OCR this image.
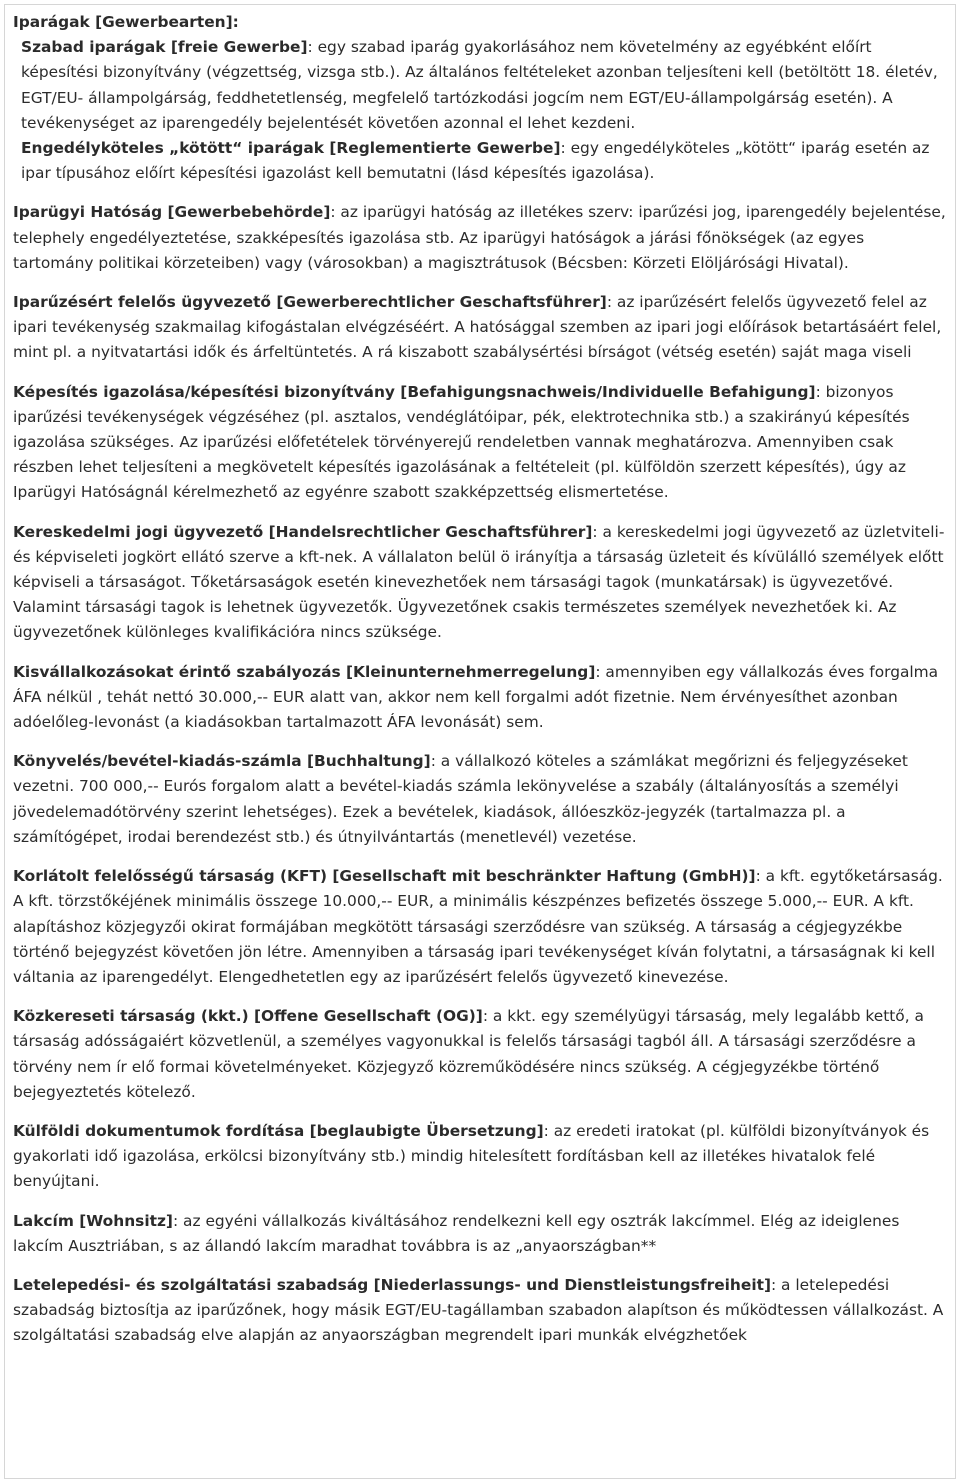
Iparágak [Gewerbearten]:

Szabad iparágak [freie Gewerbe]: egy szabad iparág gyakorlásához nem követelmény az egyébként előírt képesítési bizonyítvány (végzettség, vizsga stb.). Az általános feltételeket azonban teljesíteni kell (betöltött 18. életév, EGT/EU- állampolgárság, feddhetetlenség, megfelelő tartózkodási jogcím nem EGT/EU-állampolgárság esetén). A tevékenységet az iparengedély bejelentését követően azonnal el lehet kezdeni.

Engedélyköteles „kötött“ iparágak [Reglementierte Gewerbe]: egy engedélyköteles „kötött“ iparág esetén az ipar típusához előírt képesítési igazolást kell bemutatni (lásd képesítés igazolása).

Iparügyi Hatóság [Gewerbebehörde]: az iparügyi hatóság az illetékes szerv: iparűzési jog, iparengedély bejelentése, telephely engedélyeztetése, szakképesítés igazolása stb. Az iparügyi hatóságok a járási főnökségek (az egyes tartomány politikai körzeteiben) vagy (városokban) a magisztrátusok (Bécsben: Körzeti Elöljárósági Hivatal).

Iparűzésért felelős ügyvezető [Gewerberechtlicher Geschaftsführer]: az iparűzésért felelős ügyvezető felel az ipari tevékenység szakmailag kifogástalan elvégzéséért. A hatósággal szemben az ipari jogi előírások betartásáért felel, mint pl. a nyitvatartási idők és árfeltüntetés. A rá kiszabott szabálysértési bírságot (vétség esetén) saját maga viseli

Képesítés igazolása/képesítési bizonyítvány [Befahigungsnachweis/Individuelle Befahigung]: bizonyos iparűzési tevékenységek végzéséhez (pl. asztalos, vendéglátóipar, pék, elektrotechnika stb.) a szakirányú képesítés igazolása szükséges. Az iparűzési előfetételek törvényerejű rendeletben vannak meghatározva. Amennyiben csak részben lehet teljesíteni a megkövetelt képesítés igazolásának a feltételeit (pl. külföldön szerzett képesítés), úgy az Iparügyi Hatóságnál kérelmezhető az egyénre szabott szakképzettség elismertetése.

Kereskedelmi jogi ügyvezető [Handelsrechtlicher Geschaftsführer]: a kereskedelmi jogi ügyvezető az üzletviteli- és képviseleti jogkört ellátó szerve a kft-nek. A vállalaton belül ö irányítja a társaság üzleteit és kívülálló személyek előtt képviseli a társaságot. Tőketársaságok esetén kinevezhetőek nem társasági tagok (munkatársak) is ügyvezetővé. Valamint társasági tagok is lehetnek ügyvezetők. Ügyvezetőnek csakis természetes személyek nevezhetőek ki. Az ügyvezetőnek különleges kvalifikációra nincs szüksége.

Kisvállalkozásokat érintő szabályozás [Kleinunternehmerregelung]: amennyiben egy vállalkozás éves forgalma ÁFA nélkül , tehát nettó 30.000,-- EUR alatt van, akkor nem kell forgalmi adót fizetnie. Nem érvényesíthet azonban adóelőleg-levonást (a kiadásokban tartalmazott ÁFA levonását) sem.

Könyvelés/bevétel-kiadás-számla [Buchhaltung]: a vállalkozó köteles a számlákat megőrizni és feljegyzéseket vezetni. 700 000,-- Eurós forgalom alatt a bevétel-kiadás számla lekönyvelése a szabály (általányosítás a személyi jövedelemadótörvény szerint lehetséges). Ezek a bevételek, kiadások, állóeszköz-jegyzék (tartalmazza pl. a számítógépet, irodai berendezést stb.) és útnyilvántartás (menetlevél) vezetése.

Korlátolt felelősségű társaság (KFT) [Gesellschaft mit beschränkter Haftung (GmbH)]: a kft. egytőketársaság. A kft. törzstőkéjének minimális összege 10.000,-- EUR, a minimális készpénzes befizetés összege 5.000,-- EUR. A kft. alapításhoz közjegyzői okirat formájában megkötött társasági szerződésre van szükség. A társaság a cégjegyzékbe történő bejegyzést követően jön létre. Amennyiben a társaság ipari tevékenységet kíván folytatni, a társaságnak ki kell váltania az iparengedélyt. Elengedhetetlen egy az iparűzésért felelős ügyvezető kinevezése.

Közkereseti társaság (kkt.) [Offene Gesellschaft (OG)]: a kkt. egy személyügyi társaság, mely legalább kettő, a társaság adósságaiért közvetlenül, a személyes vagyonukkal is felelős társasági tagból áll. A társasági szerződésre a törvény nem ír elő formai követelményeket. Közjegyző közreműködésére nincs szükség. A cégjegyzékbe történő bejegyeztetés kötelező.

Külföldi dokumentumok fordítása [beglaubigte Übersetzung]: az eredeti iratokat (pl. külföldi bizonyítványok és gyakorlati idő igazolása, erkölcsi bizonyítvány stb.) mindig hitelesített fordításban kell az illetékes hivatalok felé benyújtani.

Lakcím [Wohnsitz]: az egyéni vállalkozás kiváltásához rendelkezni kell egy osztrák lakcímmel. Elég az ideiglenes lakcím Ausztriában, s az állandó lakcím maradhat továbbra is az „anyaországban**

Letelepedési- és szolgáltatási szabadság [Niederlassungs- und Dienstleistungsfreiheit]: a letelepedési szabadság biztosítja az iparűzőnek, hogy másik EGT/EU-tagállamban szabadon alapítson és működtessen vállalkozást. A szolgáltatási szabadság elve alapján az anyaországban megrendelt ipari munkák elvégzhetőek
